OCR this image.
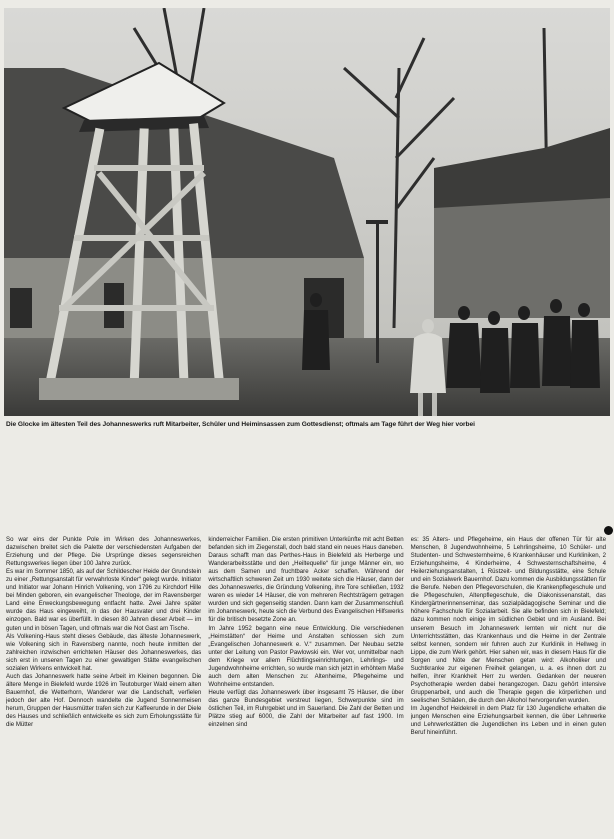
Die Glocke im ältesten Teil des Johanneswerks ruft Mitarbeiter, Schüler und Heiminsassen zum Gottesdienst; oftmals am Tage führt der Weg hier vorbei

So war eins der Punkte Pole im Wirken des Johanneswerkes, dazwischen breitet sich die Palette der verschiedensten Aufgaben der Erziehung und der Pflege. Die Ursprünge dieses segensreichen Rettungswerkes liegen über 100 Jahre zurück.

Es war im Sommer 1850, als auf der Schildescher Heide der Grundstein zu einer „Rettungsanstalt für verwahrloste Kinder“ gelegt wurde. Initiator und Initiator war Johann Hinrich Volkening, von 1796 zu Kirchdorf Hille bei Minden geboren, ein evangelischer Theologe, der im Ravensberger Land eine Erweckungsbewegung entfacht hatte. Zwei Jahre später wurde das Haus eingeweiht, in das der Hausvater und drei Kinder einzogen. Bald war es überfüllt. In diesen 80 Jahren dieser Arbeit — im guten und in bösen Tagen, und oftmals war die Not Gast am Tische.

Als Volkening-Haus steht dieses Gebäude, das älteste Johanneswerk, wie Volkening sich in Ravensberg nannte, noch heute inmitten der zahlreichen inzwischen errichteten Häuser des Johanneswerkes, das sich erst in unseren Tagen zu einer gewaltigen Stätte evangelischen sozialen Wirkens entwickelt hat.

Auch das Johanneswerk hatte seine Arbeit im Kleinen begonnen. Die ältere Menge in Bielefeld wurde 1926 im Teutoburger Wald einem alten Bauernhof, die Wetterhorn, Wanderer war die Landschaft, verfielen jedoch der alte Hof. Dennoch wandelte die Jugend Sonnenmeisen herum, Gruppen der Hausmütter trafen sich zur Kaffeerunde in der Diele des Hauses und schließlich entwickelte es sich zum Erholungsstätte für die Mütter

kinderreicher Familien. Die ersten primitiven Unterkünfte mit acht Betten befanden sich im Ziegenstall, doch bald stand ein neues Haus daneben. Daraus schafft man das Perthes-Haus in Bielefeld als Herberge und Wanderarbeitsstätte und den „Heiltequelle“ für junge Männer ein, wo aus dem Samen und fruchtbare Acker schaffen. Während der wirtschaftlich schweren Zeit um 1930 weitete sich die Häuser, dann der des Johanneswerks, die Gründung Volkening, ihre Tore schließen, 1932 waren es wieder 14 Häuser, die von mehreren Rechtsträgern getragen wurden und sich gegenseitig standen. Dann kam der Zusammenschluß im Johanneswerk, heute sich die Verbund des Evangelischen Hilfswerks für die britisch besetzte Zone an.

Im Jahre 1952 begann eine neue Entwicklung. Die verschiedenen „Heimstätten“ der Heime und Anstalten schlossen sich zum „Evangelischen Johanneswerk e. V.“ zusammen. Der Neubau setzte unter der Leitung von Pastor Pawlowski ein. Wer vor, unmittelbar nach dem Kriege vor allem Flüchtlingseinrichtungen, Lehrlings- und Jugendwohnheime errichten, so wurde man sich jetzt in erhöhtem Maße auch dem alten Menschen zu: Altenheime, Pflegeheime und Wohnheime entstanden.

Heute verfügt das Johanneswerk über insgesamt 75 Häuser, die über das ganze Bundesgebiet verstreut liegen, Schwerpunkte sind im östlichen Teil, im Ruhrgebiet und im Sauerland. Die Zahl der Betten und Plätze stieg auf 6000, die Zahl der Mitarbeiter auf fast 1900. Im einzelnen sind

es: 35 Alters- und Pflegeheime, ein Haus der offenen Tür für alte Menschen, 8 Jugendwohnheime, 5 Lehrlingsheime, 10 Schüler- und Studenten- und Schwesternheime, 6 Krankenhäuser und Kurkliniken, 2 Erziehungsheime, 4 Kinderheime, 4 Schwesternschaftsheime, 4 Heilerziehungsanstalten, 1 Rüstzeit- und Bildungsstätte, eine Schule und ein Sozialwerk Bauernhof. Dazu kommen die Ausbildungsstätten für die Berufe. Neben den Pflegevorschulen, die Krankenpflegeschule und die Pflegeschulen, Altenpflegeschule, die Diakonissenanstalt, das Kindergärtnerinnenseminar, das sozialpädagogische Seminar und die höhere Fachschule für Sozialarbeit. Sie alle befinden sich in Bielefeld; dazu kommen noch einige im südlichen Gebiet und im Ausland. Bei unserem Besuch im Johanneswerk lernten wir nicht nur die Unterrichtsstätten, das Krankenhaus und die Heime in der Zentrale selbst kennen, sondern wir fuhren auch zur Kurklinik in Hellweg in Lippe, die zum Werk gehört. Hier sahen wir, was in diesem Haus für die Sorgen und Nöte der Menschen getan wird: Alkoholiker und Suchtkranke zur eigenen Freiheit gelangen, u. a. es ihnen dort zu helfen, ihrer Krankheit Herr zu werden. Gedanken der neueren Psychotherapie werden dabei herangezogen. Dazu gehört intensive Gruppenarbeit, und auch die Therapie gegen die körperlichen und seelischen Schäden, die durch den Alkohol hervorgerufen wurden.

Im Jugendhof Heidekrell in dem Platz für 130 Jugendliche erhalten die jungen Menschen eine Erziehungsarbeit kennen, die über Lehrwerke und Lehrwerkstätten die Jugendlichen ins Leben und in einen guten Beruf hineinführt.
